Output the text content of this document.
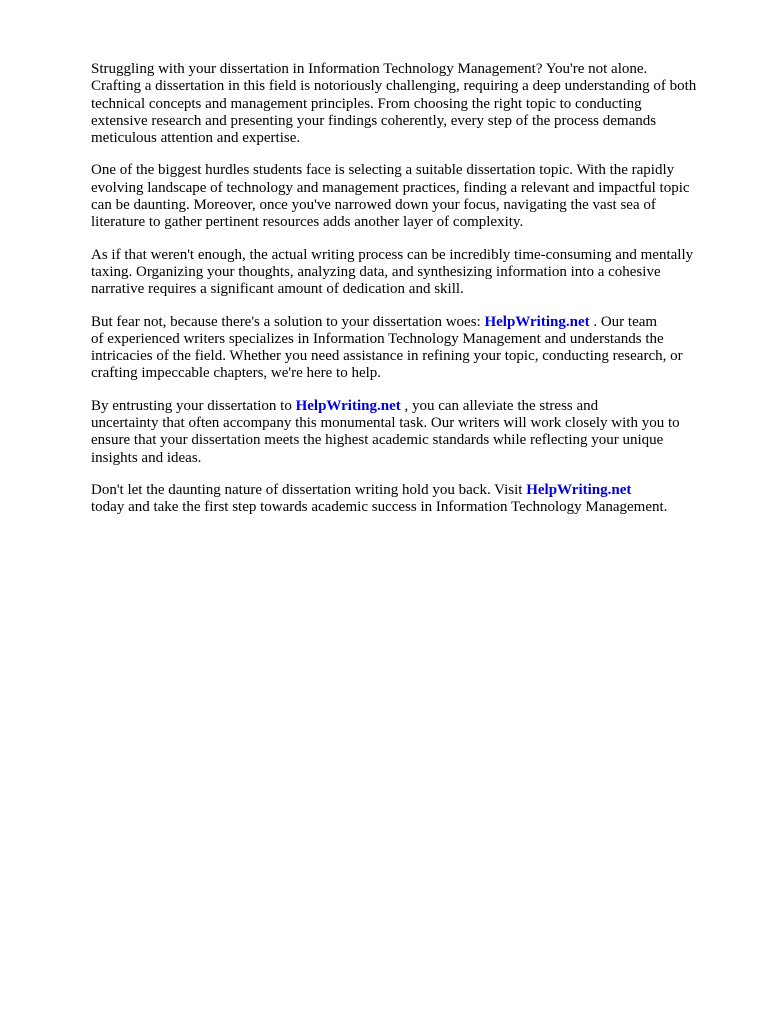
Struggling with your dissertation in Information Technology Management? You're not alone.
Crafting a dissertation in this field is notoriously challenging, requiring a deep understanding of both
technical concepts and management principles. From choosing the right topic to conducting
extensive research and presenting your findings coherently, every step of the process demands
meticulous attention and expertise.

One of the biggest hurdles students face is selecting a suitable dissertation topic. With the rapidly
evolving landscape of technology and management practices, finding a relevant and impactful topic
can be daunting. Moreover, once you've narrowed down your focus, navigating the vast sea of
literature to gather pertinent resources adds another layer of complexity.

As if that weren't enough, the actual writing process can be incredibly time-consuming and mentally
taxing. Organizing your thoughts, analyzing data, and synthesizing information into a cohesive
narrative requires a significant amount of dedication and skill.

But fear not, because there's a solution to your dissertation woes: HelpWriting.net . Our team
of experienced writers specializes in Information Technology Management and understands the
intricacies of the field. Whether you need assistance in refining your topic, conducting research, or
crafting impeccable chapters, we're here to help.

By entrusting your dissertation to HelpWriting.net , you can alleviate the stress and
uncertainty that often accompany this monumental task. Our writers will work closely with you to
ensure that your dissertation meets the highest academic standards while reflecting your unique
insights and ideas.

Don't let the daunting nature of dissertation writing hold you back. Visit HelpWriting.net
today and take the first step towards academic success in Information Technology Management.
